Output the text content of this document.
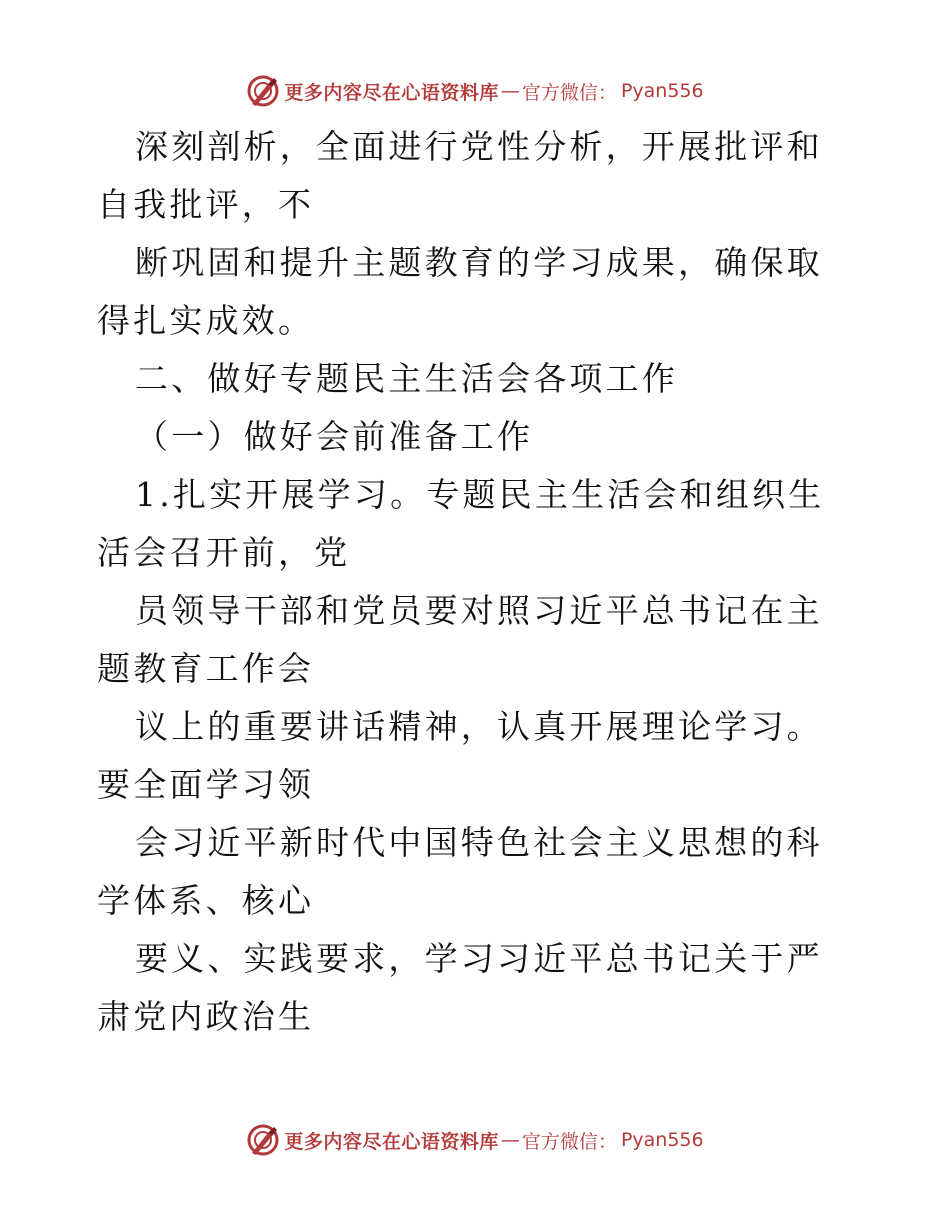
更多内容尽在心语资料库 — 官方微信： Pyan556

深刻剖析，全面进行党性分析，开展批评和自我批评，不

断巩固和提升主题教育的学习成果，确保取得扎实成效。

二、做好专题民主生活会各项工作

（一）做好会前准备工作

1.扎实开展学习。专题民主生活会和组织生活会召开前，党

员领导干部和党员要对照习近平总书记在主题教育工作会

议上的重要讲话精神，认真开展理论学习。要全面学习领

会习近平新时代中国特色社会主义思想的科学体系、核心

要义、实践要求，学习习近平总书记关于严肃党内政治生

更多内容尽在心语资料库 — 官方微信： Pyan556
